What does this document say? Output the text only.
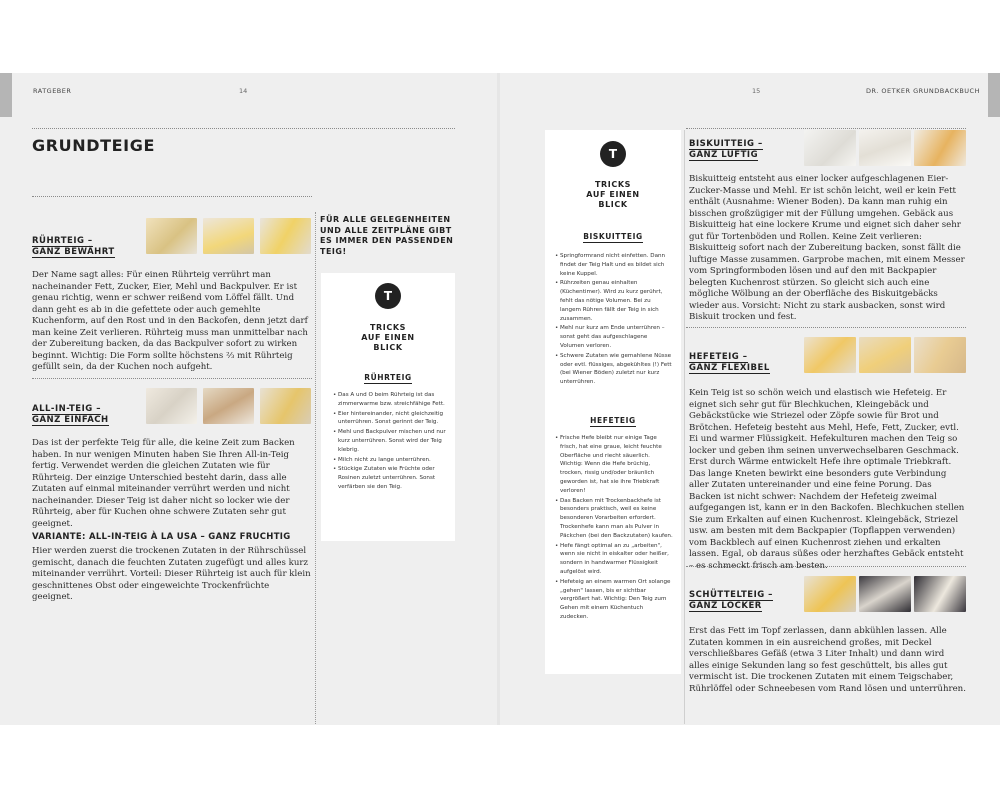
RATGEBER	14	15	DR. OETKER GRUNDBACKBUCH
GRUNDTEIGE
RÜHRTEIG –
GANZ BEWÄHRT
Der Name sagt alles: Für einen Rührteig verrührt man nacheinander Fett, Zucker, Eier, Mehl und Backpulver. Er ist genau richtig, wenn er schwer reißend vom Löffel fällt. Und dann geht es ab in die gefettete oder auch gemehlte Kuchenform, auf den Rost und in den Backofen, denn jetzt darf man keine Zeit verlieren. Rührteig muss man unmittelbar nach der Zubereitung backen, da das Backpulver sofort zu wirken beginnt. Wichtig: Die Form sollte höchstens ⅔ mit Rührteig gefüllt sein, da der Kuchen noch aufgeht.
ALL-IN-TEIG –
GANZ EINFACH
Das ist der perfekte Teig für alle, die keine Zeit zum Backen haben. In nur wenigen Minuten haben Sie Ihren All-in-Teig fertig. Verwendet werden die gleichen Zutaten wie für Rührteig. Der einzige Unterschied besteht darin, dass alle Zutaten auf einmal miteinander verrührt werden und nicht nacheinander. Dieser Teig ist daher nicht so locker wie der Rührteig, aber für Kuchen ohne schwere Zutaten sehr gut geeignet.
VARIANTE: ALL-IN-TEIG À LA USA – GANZ FRUCHTIG
Hier werden zuerst die trockenen Zutaten in der Rührschüssel gemischt, danach die feuchten Zutaten zugefügt und alles kurz miteinander verrührt. Vorteil: Dieser Rührteig ist auch für klein geschnittenes Obst oder eingeweichte Trockenfrüchte geeignet.
FÜR ALLE GELEGENHEITEN UND ALLE ZEITPLÄNE GIBT ES IMMER DEN PASSENDEN TEIG!
T
TRICKS
AUF EINEN
BLICK
RÜHRTEIG
• Das A und O beim Rührteig ist das zimmerwarme bzw. streichfähige Fett.
• Eier hintereinander, nicht gleichzeitig unterrühren. Sonst gerinnt der Teig.
• Mehl und Backpulver mischen und nur kurz unterrühren. Sonst wird der Teig klebrig.
• Milch nicht zu lange unterrühren.
• Stückige Zutaten wie Früchte oder Rosinen zuletzt unterrühren. Sonst verfärben sie den Teig.
T
TRICKS
AUF EINEN
BLICK
BISKUITTEIG
• Springformrand nicht einfetten. Dann findet der Teig Halt und es bildet sich keine Kuppel.
• Rührzeiten genau einhalten (Küchentimer). Wird zu kurz gerührt, fehlt das nötige Volumen. Bei zu langem Rühren fällt der Teig in sich zusammen.
• Mehl nur kurz am Ende unterrühren – sonst geht das aufgeschlagene Volumen verloren.
• Schwere Zutaten wie gemahlene Nüsse oder evtl. flüssiges, abgekühltes (!) Fett (bei Wiener Böden) zuletzt nur kurz unterrühren.
HEFETEIG
• Frische Hefe bleibt nur einige Tage frisch, hat eine graue, leicht feuchte Oberfläche und riecht säuerlich. Wichtig: Wenn die Hefe brüchig, trocken, rissig und/oder bräunlich geworden ist, hat sie ihre Triebkraft verloren!
• Das Backen mit Trockenbackhefe ist besonders praktisch, weil es keine besonderen Vorarbeiten erfordert. Trockenhefe kann man als Pulver in Päckchen (bei den Backzutaten) kaufen.
• Hefe fängt optimal an zu „arbeiten", wenn sie nicht in eiskalter oder heißer, sondern in handwarmer Flüssigkeit aufgelöst wird.
• Hefeteig an einem warmen Ort solange „gehen" lassen, bis er sichtbar vergrößert hat. Wichtig: Den Teig zum Gehen mit einem Küchentuch zudecken.
BISKUITTEIG –
GANZ LUFTIG
Biskuitteig entsteht aus einer locker aufgeschlagenen Eier-Zucker-Masse und Mehl. Er ist schön leicht, weil er kein Fett enthält (Ausnahme: Wiener Boden). Da kann man ruhig ein bisschen großzügiger mit der Füllung umgehen. Gebäck aus Biskuitteig hat eine lockere Krume und eignet sich daher sehr gut für Tortenböden und Rollen. Keine Zeit verlieren: Biskuitteig sofort nach der Zubereitung backen, sonst fällt die luftige Masse zusammen. Garprobe machen, mit einem Messer vom Springformboden lösen und auf den mit Backpapier belegten Kuchenrost stürzen. So gleicht sich auch eine mögliche Wölbung an der Oberfläche des Biskuitgebäcks wieder aus. Vorsicht: Nicht zu stark ausbacken, sonst wird Biskuit trocken und fest.
HEFETEIG –
GANZ FLEXIBEL
Kein Teig ist so schön weich und elastisch wie Hefeteig. Er eignet sich sehr gut für Blechkuchen, Kleingebäck und Gebäckstücke wie Striezel oder Zöpfe sowie für Brot und Brötchen. Hefeteig besteht aus Mehl, Hefe, Fett, Zucker, evtl. Ei und warmer Flüssigkeit. Hefekulturen machen den Teig so locker und geben ihm seinen unverwechselbaren Geschmack. Erst durch Wärme entwickelt Hefe ihre optimale Triebkraft. Das lange Kneten bewirkt eine besonders gute Verbindung aller Zutaten untereinander und eine feine Porung. Das Backen ist nicht schwer: Nachdem der Hefeteig zweimal aufgegangen ist, kann er in den Backofen. Blechkuchen stellen Sie zum Erkalten auf einen Kuchenrost. Kleingebäck, Striezel usw. am besten mit dem Backpapier (Topflappen verwenden) vom Backblech auf einen Kuchenrost ziehen und erkalten lassen. Egal, ob daraus süßes oder herzhaftes Gebäck entsteht – es schmeckt frisch am besten.
SCHÜTTELTEIG –
GANZ LOCKER
Erst das Fett im Topf zerlassen, dann abkühlen lassen. Alle Zutaten kommen in ein ausreichend großes, mit Deckel verschließbares Gefäß (etwa 3 Liter Inhalt) und dann wird alles einige Sekunden lang so fest geschüttelt, bis alles gut vermischt ist. Die trockenen Zutaten mit einem Teigschaber, Rührlöffel oder Schneebesen vom Rand lösen und unterrühren.
